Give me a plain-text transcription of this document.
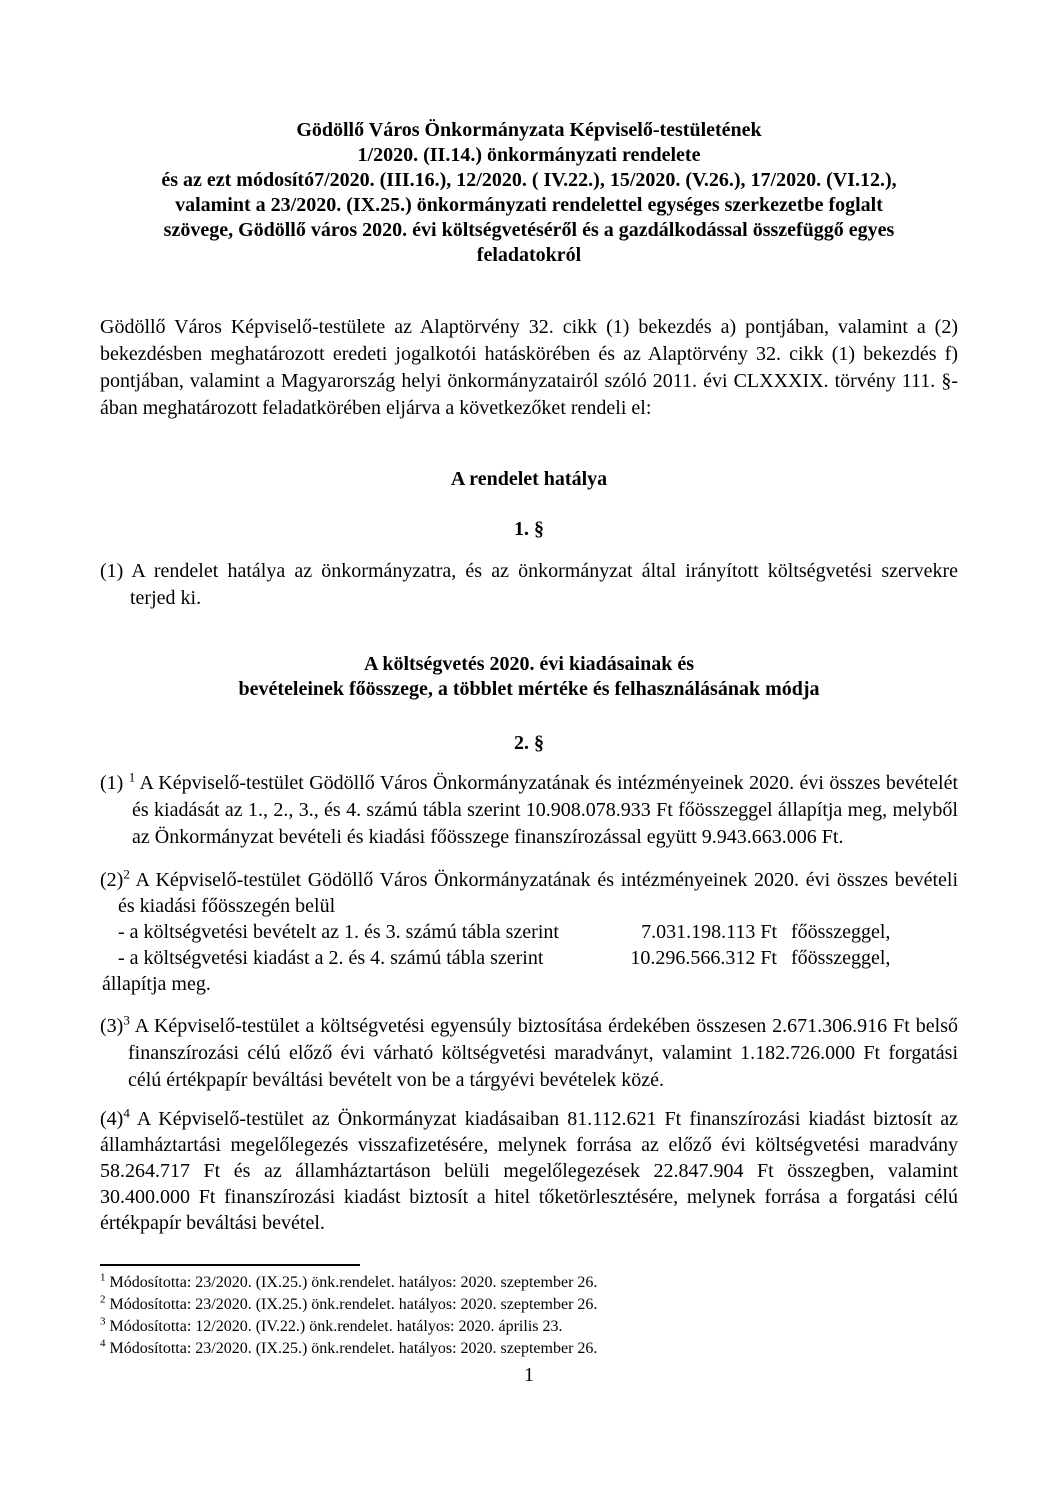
Gödöllő Város Önkormányzata Képviselő-testületének
1/2020. (II.14.) önkormányzati rendelete
és az ezt módosító7/2020. (III.16.), 12/2020. ( IV.22.), 15/2020. (V.26.), 17/2020. (VI.12.),
valamint a 23/2020. (IX.25.) önkormányzati rendelettel egységes szerkezetbe foglalt
szövege, Gödöllő város 2020. évi költségvetéséről és a gazdálkodással összefüggő egyes
feladatokról
Gödöllő Város Képviselő-testülete az Alaptörvény 32. cikk (1) bekezdés a) pontjában, valamint a (2) bekezdésben meghatározott eredeti jogalkotói hatáskörében és az Alaptörvény 32. cikk (1) bekezdés f) pontjában, valamint a Magyarország helyi önkormányzatairól szóló 2011. évi CLXXXIX. törvény 111. §-ában meghatározott feladatkörében eljárva a következőket rendeli el:
A rendelet hatálya
1. §
(1) A rendelet hatálya az önkormányzatra, és az önkormányzat által irányított költségvetési szervekre terjed ki.
A költségvetés 2020. évi kiadásainak és
bevételeinek főösszege, a többlet mértéke és felhasználásának módja
2. §
(1) $^1$ A Képviselő-testület Gödöllő Város Önkormányzatának és intézményeinek 2020. évi összes bevételét és kiadását az 1., 2., 3., és 4. számú tábla szerint 10.908.078.933 Ft főösszeggel állapítja meg, melyből az Önkormányzat bevételi és kiadási főösszege finanszírozással együtt 9.943.663.006 Ft.
$(2)^2$ A Képviselő-testület Gödöllő Város Önkormányzatának és intézményeinek 2020. évi összes bevételi és kiadási főösszegén belül
- a költségvetési bevételt az 1. és 3. számú tábla szerint	7.031.198.113 Ft főösszeggel,
- a költségvetési kiadást a 2. és 4. számú tábla szerint	10.296.566.312 Ft főösszeggel,
állapítja meg.
$(3)^3$ A Képviselő-testület a költségvetési egyensúly biztosítása érdekében összesen 2.671.306.916 Ft belső finanszírozási célú előző évi várható költségvetési maradványt, valamint 1.182.726.000 Ft forgatási célú értékpapír beváltási bevételt von be a tárgyévi bevételek közé.
$(4)^4$ A Képviselő-testület az Önkormányzat kiadásaiban 81.112.621 Ft finanszírozási kiadást biztosít az államháztartási megelőlegezés visszafizetésére, melynek forrása az előző évi költségvetési maradvány 58.264.717 Ft és az államháztartáson belüli megelőlegezések 22.847.904 Ft összegben, valamint 30.400.000 Ft finanszírozási kiadást biztosít a hitel tőketörlesztésére, melynek forrása a forgatási célú értékpapír beváltási bevétel.
$^1$ Módosította: 23/2020. (IX.25.) önk.rendelet. hatályos: 2020. szeptember 26.
$^2$ Módosította: 23/2020. (IX.25.) önk.rendelet. hatályos: 2020. szeptember 26.
$^3$ Módosította: 12/2020. (IV.22.) önk.rendelet. hatályos: 2020. április 23.
$^4$ Módosította: 23/2020. (IX.25.) önk.rendelet. hatályos: 2020. szeptember 26.
1
